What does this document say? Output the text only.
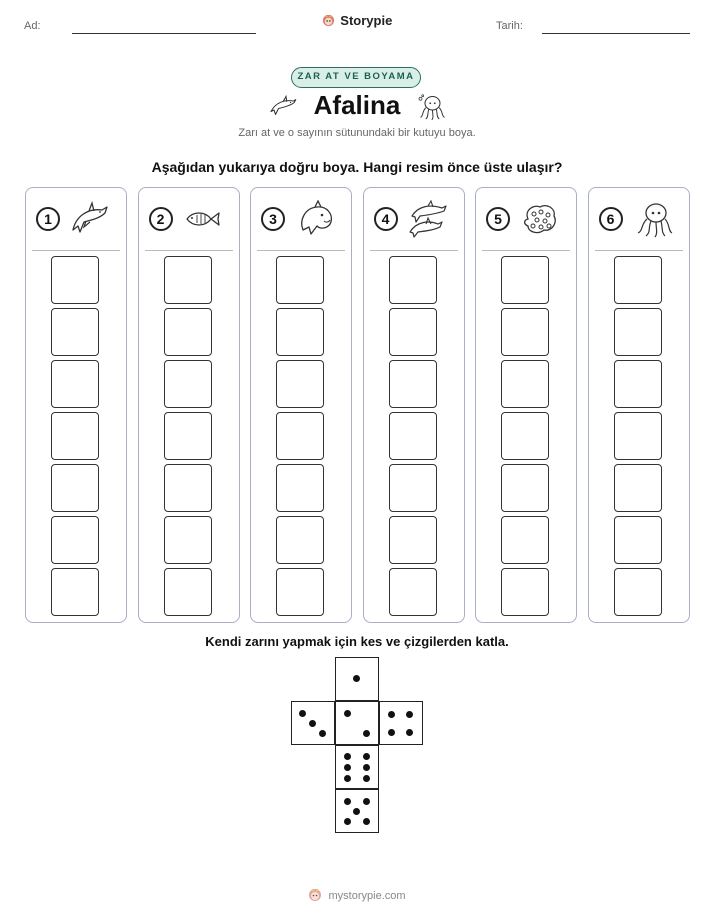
Ad:	Storypie	Tarih:
ZAR AT VE BOYAMA
Afalina
Zarı at ve o sayının sütunundaki bir kutuyu boya.
Aşağıdan yukarıya doğru boya. Hangi resim önce üste ulaşır?
1	2	3	4	5	6
Kendi zarını yapmak için kes ve çizgilerden katla.
mystorypie.com
